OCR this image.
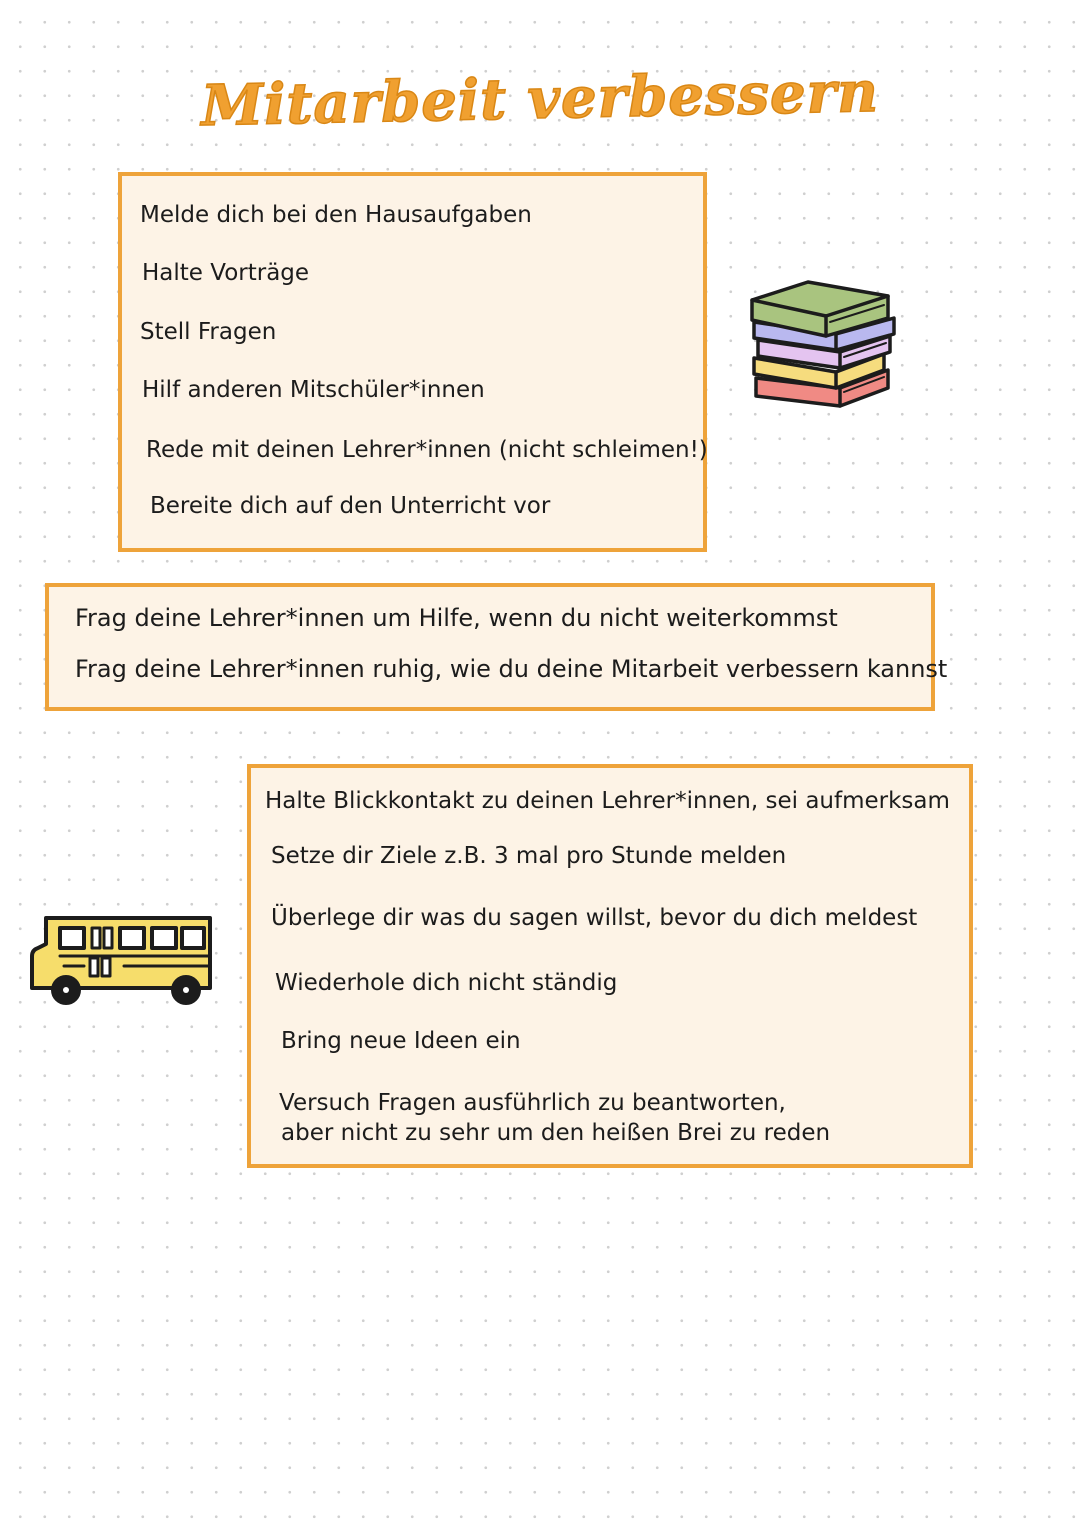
Mitarbeit verbessern
Melde dich bei den Hausaufgaben
Halte Vorträge
Stell Fragen
Hilf anderen Mitschüler*innen
Rede mit deinen Lehrer*innen (nicht schleimen!)
Bereite dich auf den Unterricht vor
Frag deine Lehrer*innen um Hilfe, wenn du nicht weiterkommst
Frag deine Lehrer*innen ruhig, wie du deine Mitarbeit verbessern kannst
Halte Blickkontakt zu deinen Lehrer*innen, sei aufmerksam
Setze dir Ziele z.B. 3 mal pro Stunde melden
Überlege dir was du sagen willst, bevor du dich meldest
Wiederhole dich nicht ständig
Bring neue Ideen ein
Versuch Fragen ausführlich zu beantworten,
aber nicht zu sehr um den heißen Brei zu reden
